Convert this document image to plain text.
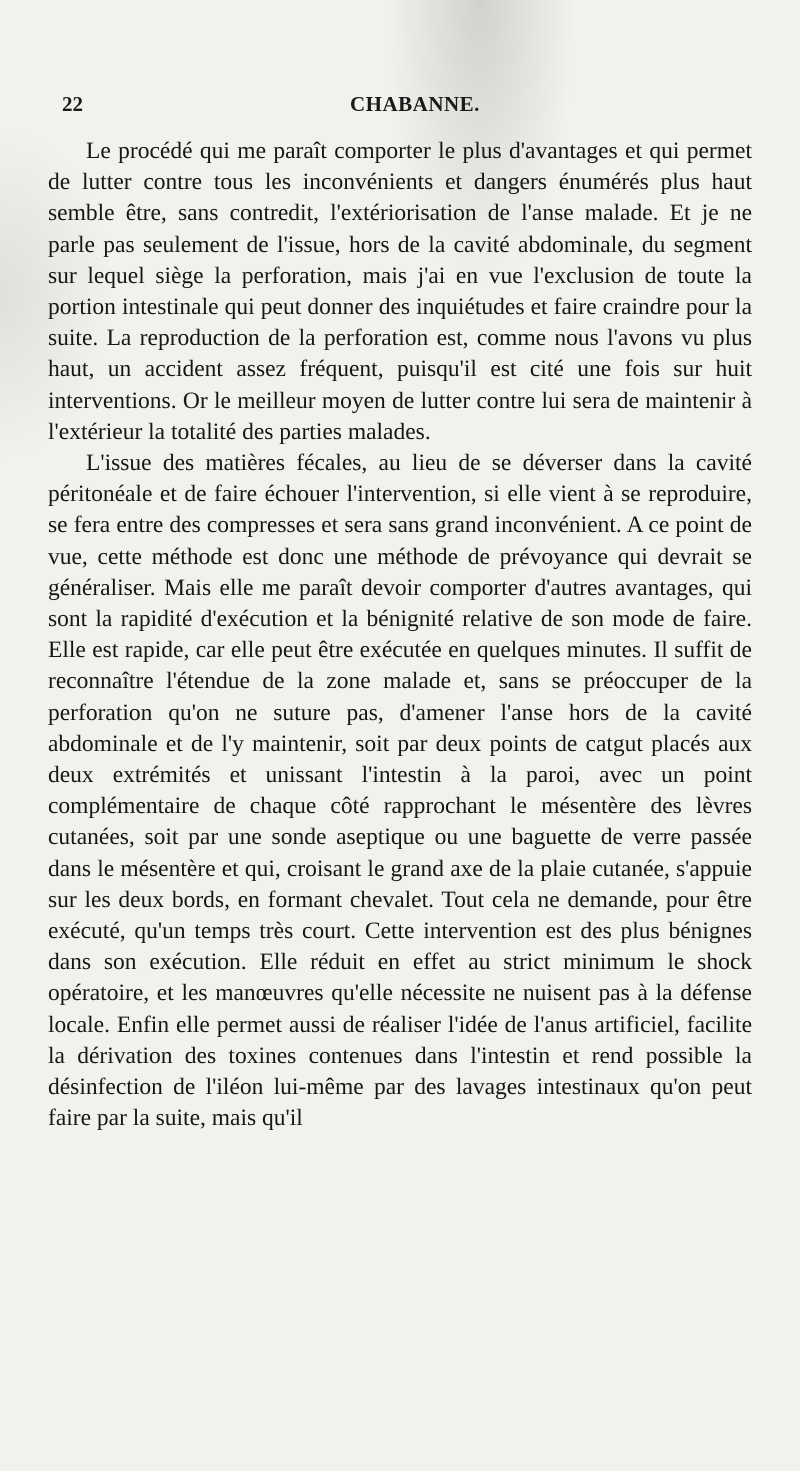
22	CHABANNE.

Le procédé qui me paraît comporter le plus d'avantages et qui permet de lutter contre tous les inconvénients et dangers énumérés plus haut semble être, sans contredit, l'extériorisation de l'anse malade. Et je ne parle pas seulement de l'issue, hors de la cavité abdominale, du segment sur lequel siège la perforation, mais j'ai en vue l'exclusion de toute la portion intestinale qui peut donner des inquiétudes et faire craindre pour la suite. La reproduction de la perforation est, comme nous l'avons vu plus haut, un accident assez fréquent, puisqu'il est cité une fois sur huit interventions. Or le meilleur moyen de lutter contre lui sera de maintenir à l'extérieur la totalité des parties malades.

L'issue des matières fécales, au lieu de se déverser dans la cavité péritonéale et de faire échouer l'intervention, si elle vient à se reproduire, se fera entre des compresses et sera sans grand inconvénient. A ce point de vue, cette méthode est donc une méthode de prévoyance qui devrait se généraliser. Mais elle me paraît devoir comporter d'autres avantages, qui sont la rapidité d'exécution et la bénignité relative de son mode de faire. Elle est rapide, car elle peut être exécutée en quelques minutes. Il suffit de reconnaître l'étendue de la zone malade et, sans se préoccuper de la perforation qu'on ne suture pas, d'amener l'anse hors de la cavité abdominale et de l'y maintenir, soit par deux points de catgut placés aux deux extrémités et unissant l'intestin à la paroi, avec un point complémentaire de chaque côté rapprochant le mésentère des lèvres cutanées, soit par une sonde aseptique ou une baguette de verre passée dans le mésentère et qui, croisant le grand axe de la plaie cutanée, s'appuie sur les deux bords, en formant chevalet. Tout cela ne demande, pour être exécuté, qu'un temps très court. Cette intervention est des plus bénignes dans son exécution. Elle réduit en effet au strict minimum le shock opératoire, et les manœuvres qu'elle nécessite ne nuisent pas à la défense locale. Enfin elle permet aussi de réaliser l'idée de l'anus artificiel, facilite la dérivation des toxines contenues dans l'intestin et rend possible la désinfection de l'iléon lui-même par des lavages intestinaux qu'on peut faire par la suite, mais qu'il
